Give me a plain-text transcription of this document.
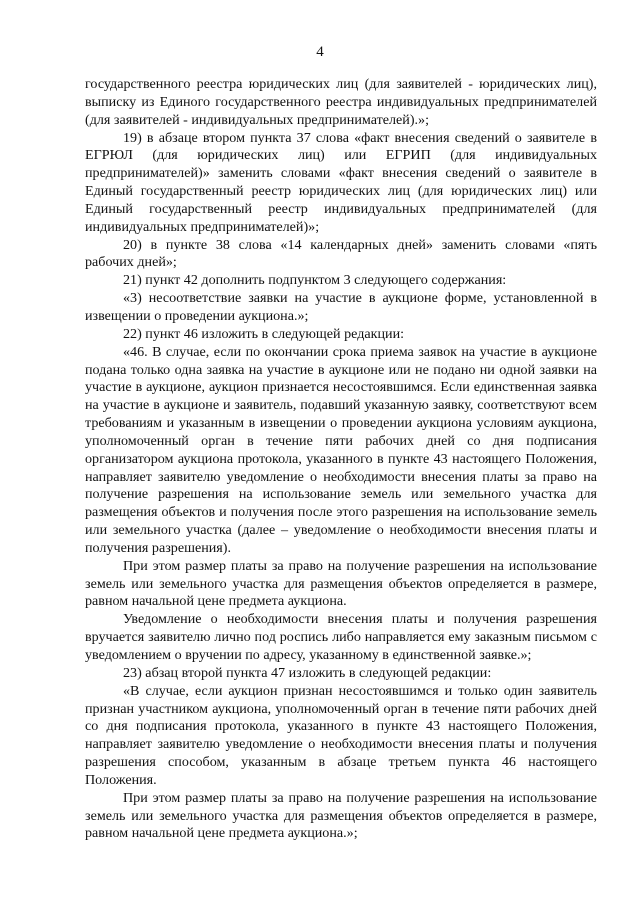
4

государственного реестра юридических лиц (для заявителей - юридических лиц), выписку из Единого государственного реестра индивидуальных предпринимателей (для заявителей - индивидуальных предпринимателей).»;

19) в абзаце втором пункта 37 слова «факт внесения сведений о заявителе в ЕГРЮЛ (для юридических лиц) или ЕГРИП (для индивидуальных предпринимателей)» заменить словами «факт внесения сведений о заявителе в Единый государственный реестр юридических лиц (для юридических лиц) или Единый государственный реестр индивидуальных предпринимателей (для индивидуальных предпринимателей)»;

20) в пункте 38 слова «14 календарных дней» заменить словами «пять рабочих дней»;

21) пункт 42 дополнить подпунктом 3 следующего содержания:

«3) несоответствие заявки на участие в аукционе форме, установленной в извещении о проведении аукциона.»;

22) пункт 46 изложить в следующей редакции:

«46. В случае, если по окончании срока приема заявок на участие в аукционе подана только одна заявка на участие в аукционе или не подано ни одной заявки на участие в аукционе, аукцион признается несостоявшимся. Если единственная заявка на участие в аукционе и заявитель, подавший указанную заявку, соответствуют всем требованиям и указанным в извещении о проведении аукциона условиям аукциона, уполномоченный орган в течение пяти рабочих дней со дня подписания организатором аукциона протокола, указанного в пункте 43 настоящего Положения, направляет заявителю уведомление о необходимости внесения платы за право на получение разрешения на использование земель или земельного участка для размещения объектов и получения после этого разрешения на использование земель или земельного участка (далее – уведомление о необходимости внесения платы и получения разрешения).

При этом размер платы за право на получение разрешения на использование земель или земельного участка для размещения объектов определяется в размере, равном начальной цене предмета аукциона.

Уведомление о необходимости внесения платы и получения разрешения вручается заявителю лично под роспись либо направляется ему заказным письмом с уведомлением о вручении по адресу, указанному в единственной заявке.»;

23) абзац второй пункта 47 изложить в следующей редакции:

«В случае, если аукцион признан несостоявшимся и только один заявитель признан участником аукциона, уполномоченный орган в течение пяти рабочих дней со дня подписания протокола, указанного в пункте 43 настоящего Положения, направляет заявителю уведомление о необходимости внесения платы и получения разрешения способом, указанным в абзаце третьем пункта 46 настоящего Положения.

При этом размер платы за право на получение разрешения на использование земель или земельного участка для размещения объектов определяется в размере, равном начальной цене предмета аукциона.»;
